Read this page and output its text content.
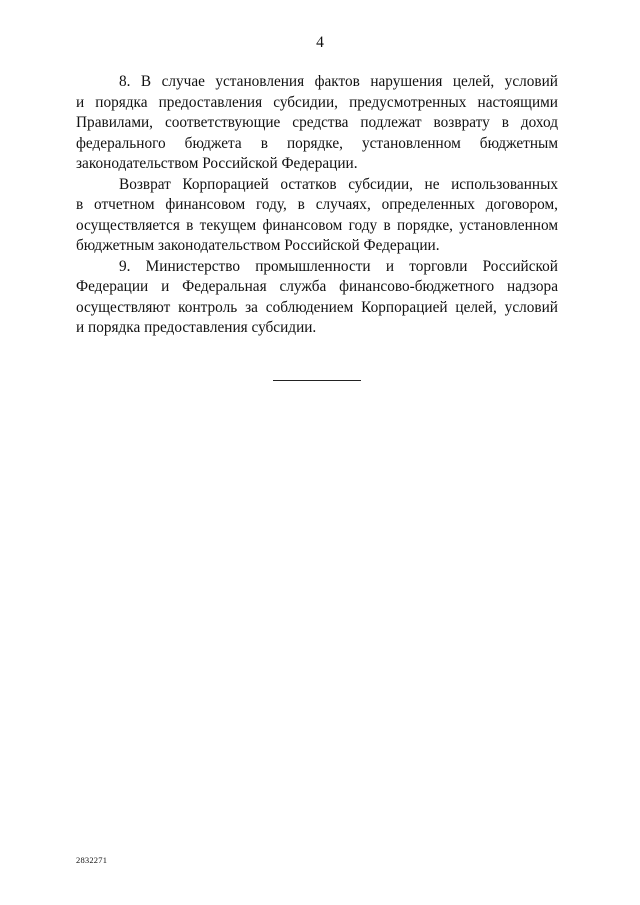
4

8. В случае установления фактов нарушения целей, условий
и порядка предоставления субсидии, предусмотренных настоящими
Правилами, соответствующие средства подлежат возврату в доход
федерального бюджета в порядке, установленном бюджетным
законодательством Российской Федерации.

Возврат Корпорацией остатков субсидии, не использованных
в отчетном финансовом году, в случаях, определенных договором,
осуществляется в текущем финансовом году в порядке, установленном
бюджетным законодательством Российской Федерации.

9. Министерство промышленности и торговли Российской
Федерации и Федеральная служба финансово-бюджетного надзора
осуществляют контроль за соблюдением Корпорацией целей, условий
и порядка предоставления субсидии.

2832271
